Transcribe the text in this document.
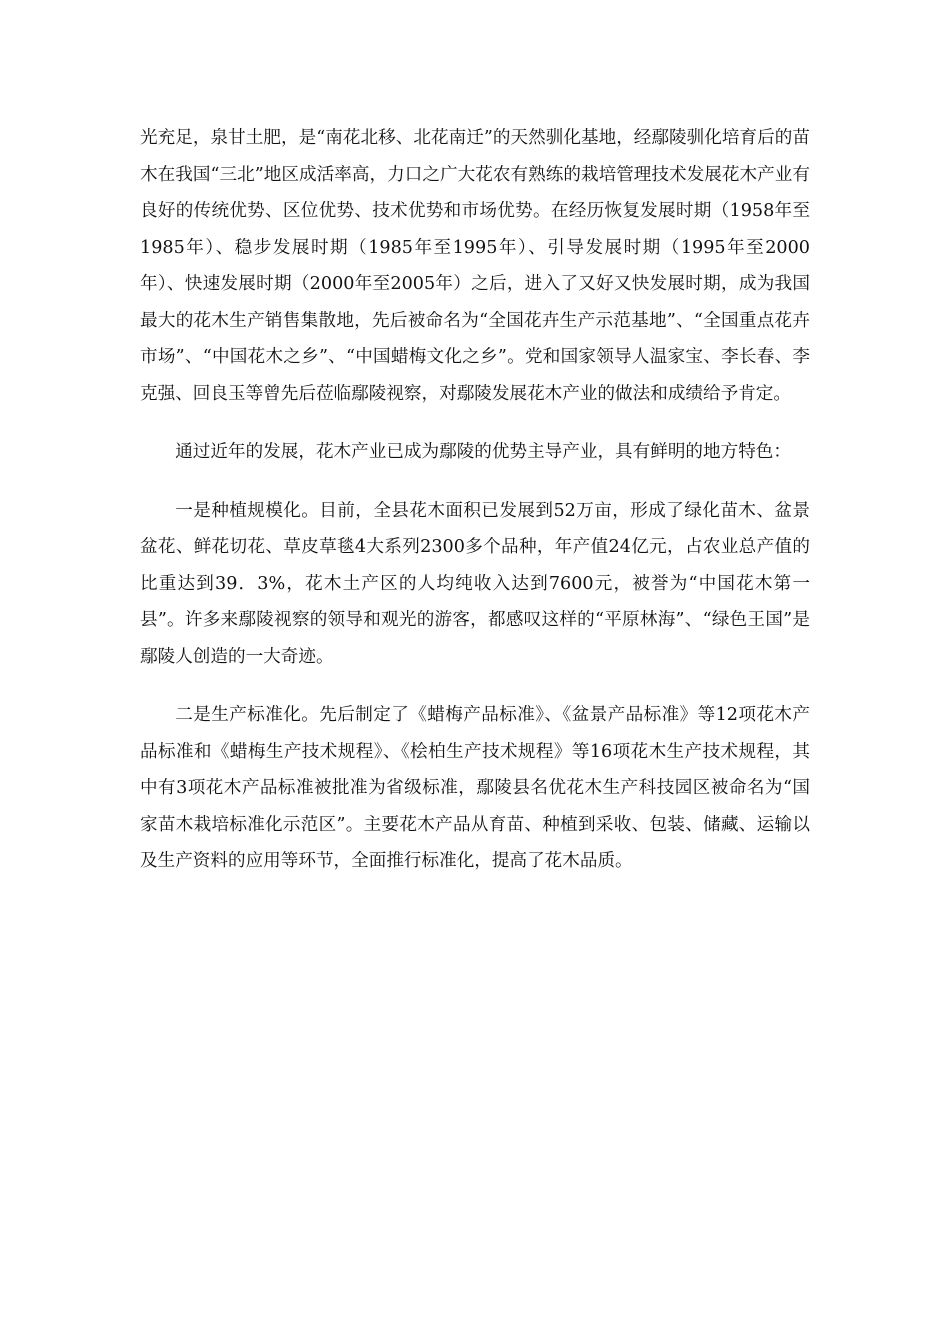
光充足，泉甘土肥，是“南花北移、北花南迁”的天然驯化基地，经鄢陵驯化培育后的苗木在我国“三北”地区成活率高，力口之广大花农有熟练的栽培管理技术发展花木产业有良好的传统优势、区位优势、技术优势和市场优势。在经历恢复发展时期（1958年至1985年）、稳步发展时期（1985年至1995年）、引导发展时期（1995年至2000年）、快速发展时期（2000年至2005年）之后，进入了又好又快发展时期，成为我国最大的花木生产销售集散地，先后被命名为“全国花卉生产示范基地”、“全国重点花卉市场”、“中国花木之乡”、“中国蜡梅文化之乡”。党和国家领导人温家宝、李长春、李克强、回良玉等曾先后莅临鄢陵视察，对鄢陵发展花木产业的做法和成绩给予肯定。

通过近年的发展，花木产业已成为鄢陵的优势主导产业，具有鲜明的地方特色：

一是种植规模化。目前，全县花木面积已发展到52万亩，形成了绿化苗木、盆景盆花、鲜花切花、草皮草毯4大系列2300多个品种，年产值24亿元，占农业总产值的比重达到39．3%，花木土产区的人均纯收入达到7600元，被誉为“中国花木第一县”。许多来鄢陵视察的领导和观光的游客，都感叹这样的“平原林海”、“绿色王国”是鄢陵人创造的一大奇迹。

二是生产标准化。先后制定了《蜡梅产品标准》、《盆景产品标准》等12项花木产品标准和《蜡梅生产技术规程》、《桧柏生产技术规程》等16项花木生产技术规程，其中有3项花木产品标准被批准为省级标准，鄢陵县名优花木生产科技园区被命名为“国家苗木栽培标准化示范区”。主要花木产品从育苗、种植到采收、包装、储藏、运输以及生产资料的应用等环节，全面推行标准化，提高了花木品质。
